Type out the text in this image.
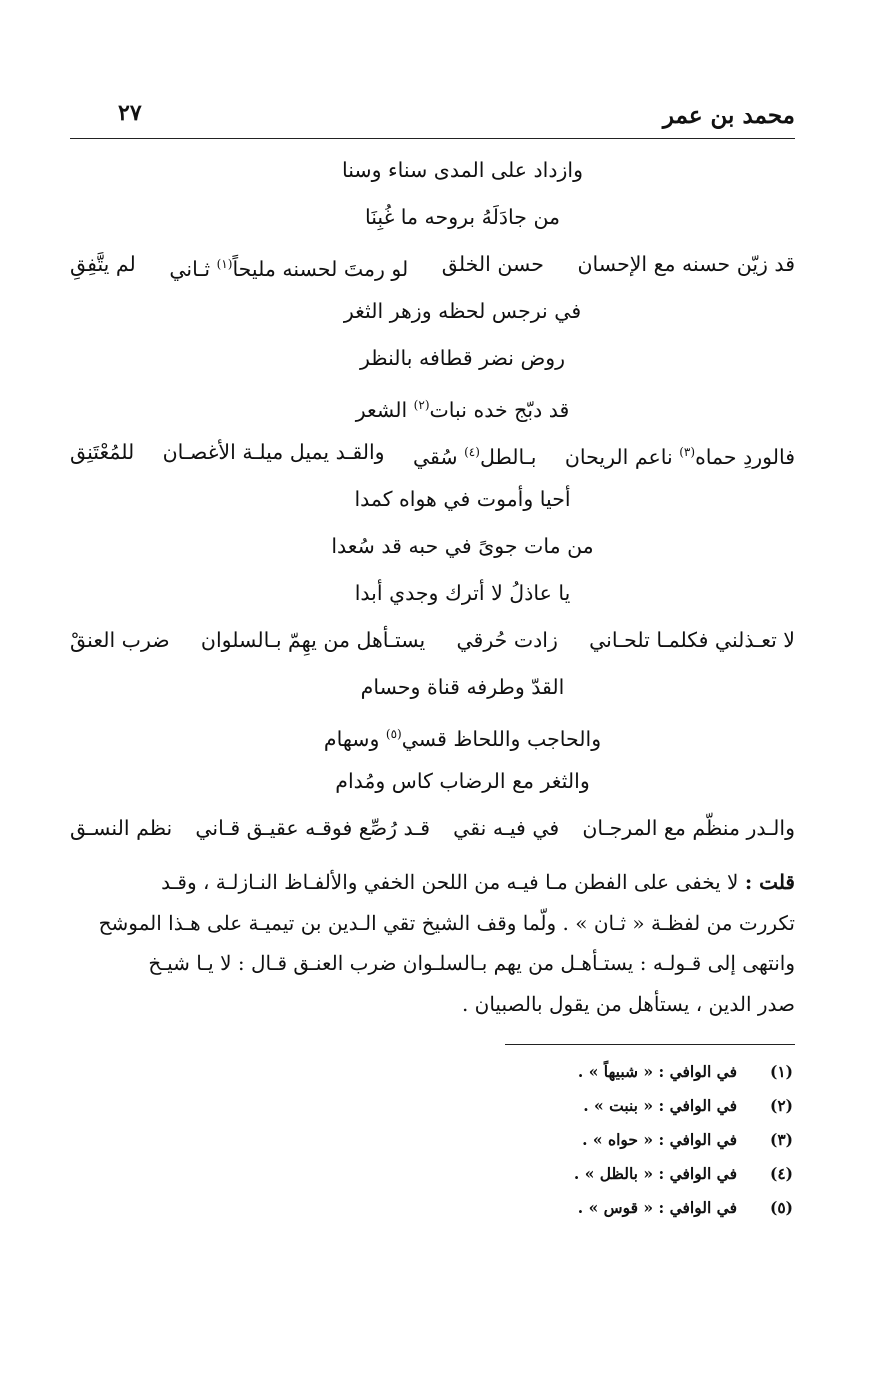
محمد بن عمر
٢٧
وازداد على المدى سناء وسنا
من جادَلَهُ بروحه ما غُبِنَا
قد زيّن حسنه مع الإحسان
حسن الخلق
لو رمتَ لحسنه مليحاً$^{(١)}$ ثـاني
لم يتَّفِقِ
في نرجس لحظه وزهر الثغر
روض نضر قطافه بالنظر
قد دبّج خده نبات$^{(٢)}$ الشعر
فالوردِ حماه$^{(٣)}$ ناعم الريحان
بـالطل$^{(٤)}$ سُقي
والقـد يميل ميلـة الأغصـان
للمُعْتَنِق
أحيا وأموت في هواه كمدا
من مات جوىً في حبه قد سُعدا
يا عاذلُ لا أترك وجدي أبدا
لا تعـذلني فكلمـا تلحـاني
زادت حُرقي
يستـأهل من يهِمّ بـالسلوان
ضرب العنقْ
القدّ وطرفه قناة وحسام
والحاجب واللحاظ قسي$^{(٥)}$ وسهام
والثغر مع الرضاب كاس ومُدام
والـدر منظّم مع المرجـان
في فيـه نقي
قـد رُصِّع فوقـه عقيـق قـاني
نظم النسـق
قلت : لا يخفى على الفطن مـا فيـه من اللحن الخفي والألفـاظ النـازلـة ، وقـد
تكررت من لفظـة « ثـان » . ولّما وقف الشيخ تقي الـدين بن تيميـة على هـذا الموشح
وانتهى إلى قـولـه : يستـأهـل من يهم بـالسلـوان ضرب العنـق قـال : لا يـا شيـخ
صدر الدين ، يستأهل من يقول بالصبيان .
(١)
في الوافي : « شبيهاً » .
(٢)
في الوافي : « بنبت » .
(٣)
في الوافي : « حواه » .
(٤)
في الوافي : « بالظل » .
(٥)
في الوافي : « قوس » .
